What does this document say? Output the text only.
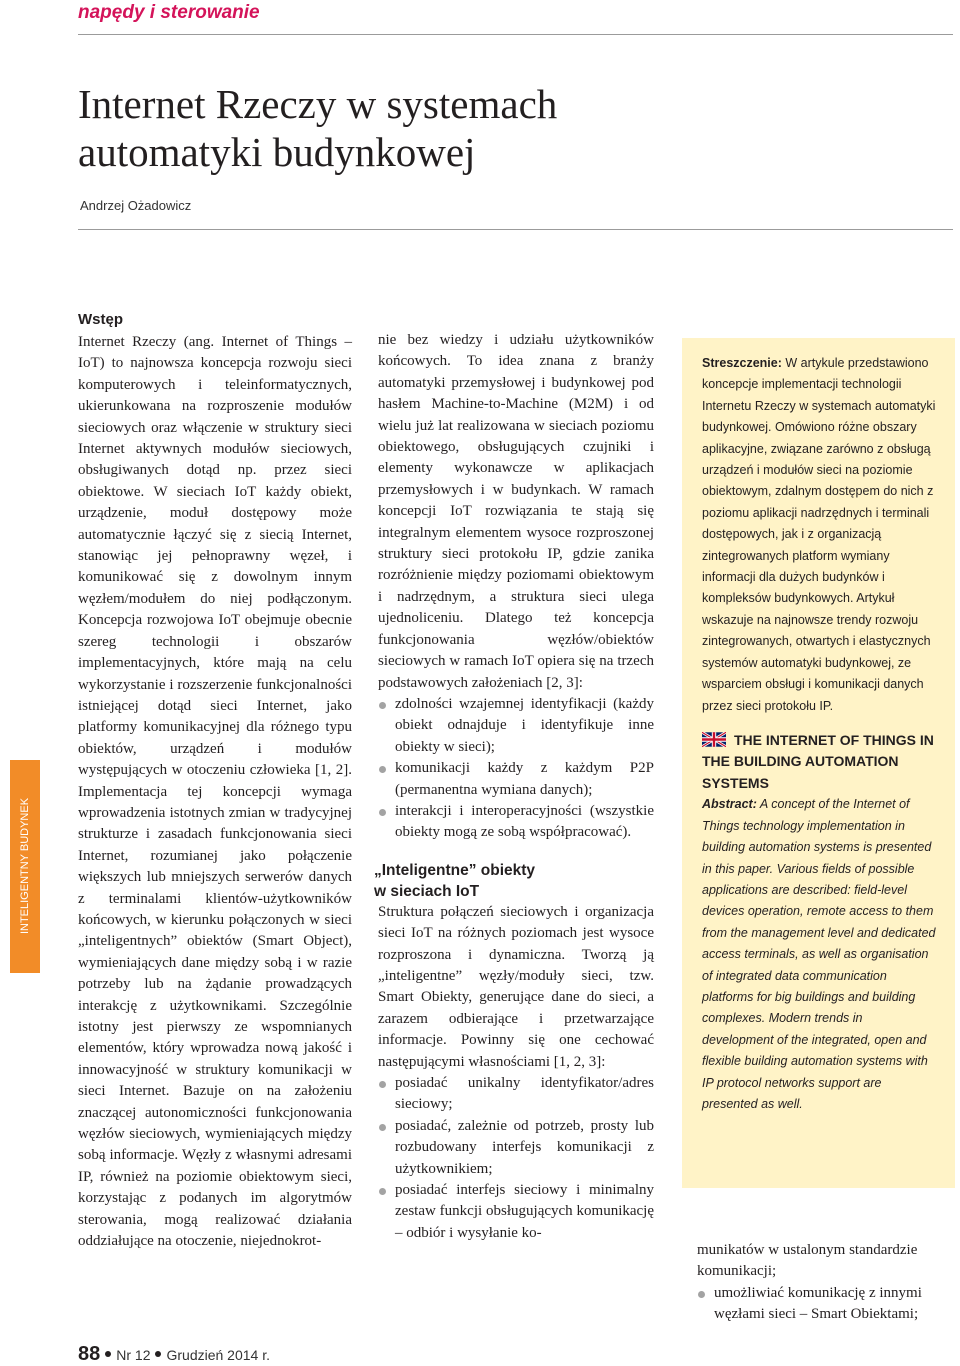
napędy i sterowanie
Internet Rzeczy w systemach
automatyki budynkowej
Andrzej Ożadowicz
Wstęp

Internet Rzeczy (ang. Internet of Things – IoT) to najnowsza koncepcja rozwoju sieci komputerowych i teleinformatycznych, ukierunkowana na rozproszenie modułów sieciowych oraz włączenie w struktury sieci Internet aktywnych modułów sieciowych, obsługiwanych dotąd np. przez sieci obiektowe. W sieciach IoT każdy obiekt, urządzenie, moduł dostępowy może automatycznie łączyć się z siecią Internet, stanowiąc jej pełnoprawny węzeł, i komunikować się z dowolnym innym węzłem/modułem do niej podłączonym. Koncepcja rozwojowa IoT obejmuje obecnie szereg technologii i obszarów implementacyjnych, które mają na celu wykorzystanie i rozszerzenie funkcjonalności istniejącej dotąd sieci Internet, jako platformy komunikacyjnej dla różnego typu obiektów, urządzeń i modułów występujących w otoczeniu człowieka [1, 2]. Implementacja tej koncepcji wymaga wprowadzenia istotnych zmian w tradycyjnej strukturze i zasadach funkcjonowania sieci Internet, rozumianej jako połączenie większych lub mniejszych serwerów danych z terminalami klientów-użytkowników końcowych, w kierunku połączonych w sieci „inteligentnych” obiektów (Smart Object), wymieniających dane między sobą i w razie potrzeby lub na żądanie prowadzących interakcję z użytkownikami. Szczególnie istotny jest pierwszy ze wspomnianych elementów, który wprowadza nową jakość i innowacyjność w struktury komunikacji w sieci Internet. Bazuje on na założeniu znaczącej autonomiczności funkcjonowania węzłów sieciowych, wymieniających między sobą informacje. Węzły z własnymi adresami IP, również na poziomie obiektowym sieci, korzystając z podanych im algorytmów sterowania, mogą realizować działania oddziałujące na otoczenie, niejednokrot-

nie bez wiedzy i udziału użytkowników końcowych. To idea znana z branży automatyki przemysłowej i budynkowej pod hasłem Machine-to-Machine (M2M) i od wielu już lat realizowana w sieciach poziomu obiektowego, obsługujących czujniki i elementy wykonawcze w aplikacjach przemysłowych i w budynkach. W ramach koncepcji IoT rozwiązania te stają się integralnym elementem wysoce rozproszonej struktury sieci protokołu IP, gdzie zanika rozróżnienie między poziomami obiektowym i nadrzędnym, a struktura sieci ulega ujednoliceniu. Dlatego też koncepcja funkcjonowania węzłów/obiektów sieciowych w ramach IoT opiera się na trzech podstawowych założeniach [2, 3]:

zdolności wzajemnej identyfikacji (każdy obiekt odnajduje i identyfikuje inne obiekty w sieci);
komunikacji każdy z każdym P2P (permanentna wymiana danych);
interakcji i interoperacyjności (wszystkie obiekty mogą ze sobą współpracować).
„Inteligentne” obiekty
w sieciach IoT

Struktura połączeń sieciowych i organizacja sieci IoT na różnych poziomach jest wysoce rozproszona i dynamiczna. Tworzą ją „inteligentne” węzły/moduły sieci, tzw. Smart Obiekty, generujące dane do sieci, a zarazem odbierające i przetwarzające informacje. Powinny się one cechować następującymi własnościami [1, 2, 3]:

posiadać unikalny identyfikator/adres sieciowy;
posiadać, zależnie od potrzeb, prosty lub rozbudowany interfejs komunikacji z użytkownikiem;
posiadać interfejs sieciowy i minimalny zestaw funkcji obsługujących komunikację – odbiór i wysyłanie ko-
INTELIGENTNY BUDYNEK

Streszczenie: W artykule przedstawiono koncepcje implementacji technologii Internetu Rzeczy w systemach automatyki budynkowej. Omówiono różne obszary aplikacyjne, związane zarówno z obsługą urządzeń i modułów sieci na poziomie obiektowym, zdalnym dostępem do nich z poziomu aplikacji nadrzędnych i terminali dostępowych, jak i z organizacją zintegrowanych platform wymiany informacji dla dużych budynków i kompleksów budynkowych. Artykuł wskazuje na najnowsze trendy rozwoju zintegrowanych, otwartych i elastycznych systemów automatyki budynkowej, ze wsparciem obsługi i komunikacji danych przez sieci protokołu IP.

THE INTERNET OF THINGS IN THE BUILDING AUTOMATION SYSTEMS

Abstract: A concept of the Internet of Things technology implementation in building automation systems is presented in this paper. Various fields of possible applications are described: field-level devices operation, remote access to them from the management level and dedicated access terminals, as well as organisation of integrated data communication platforms for big buildings and building complexes. Modern trends in development of the integrated, open and flexible building automation systems with IP protocol networks support are presented as well.

munikatów w ustalonym standardzie komunikacji;

umożliwiać komunikację z innymi węzłami sieci – Smart Obiektami;
88 Nr 12 Grudzień 2014 r.
